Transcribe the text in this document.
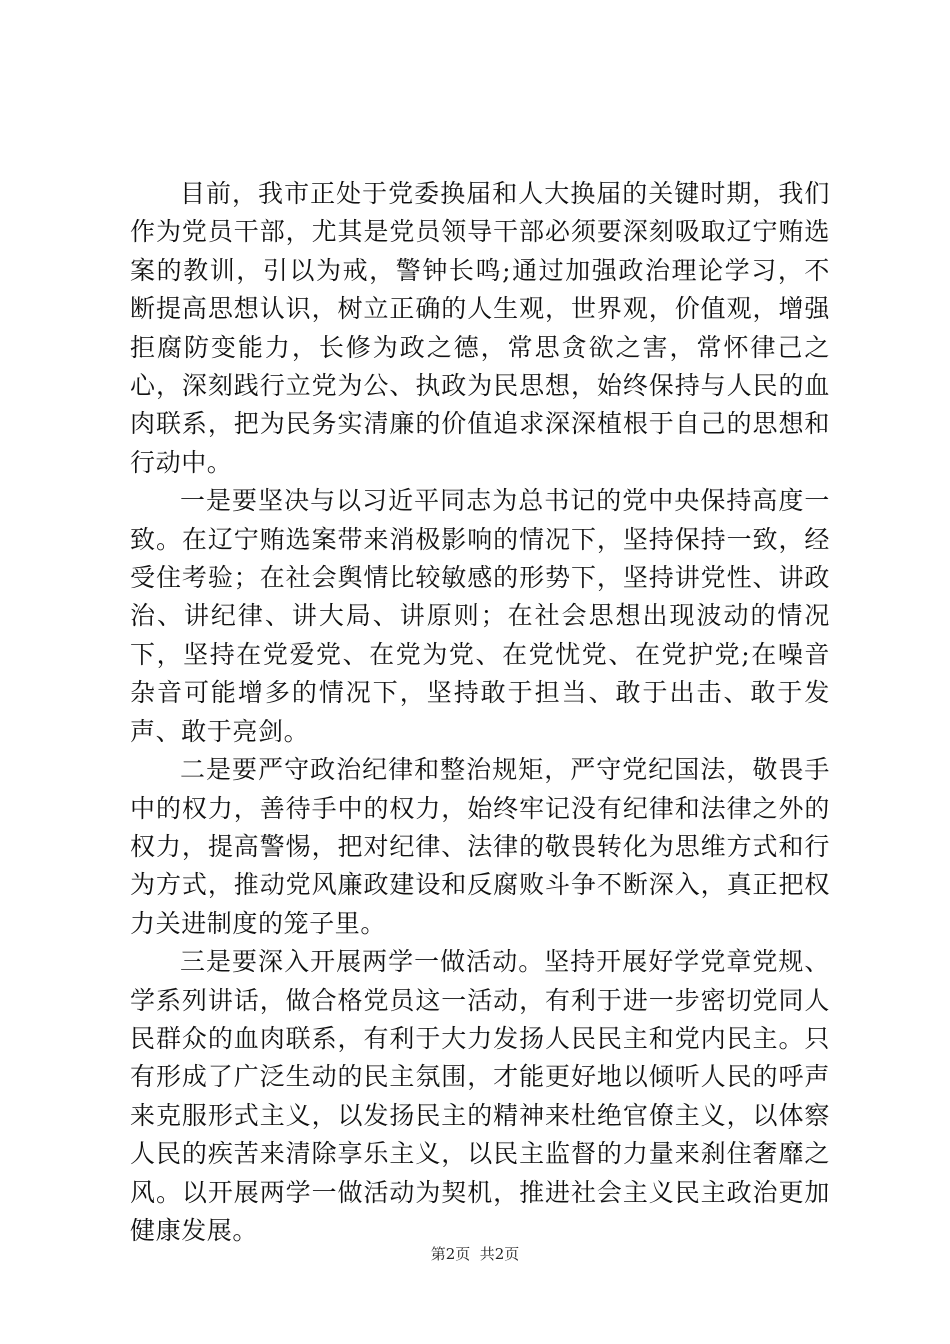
目前，我市正处于党委换届和人大换届的关键时期，我们作为党员干部，尤其是党员领导干部必须要深刻吸取辽宁贿选案的教训，引以为戒，警钟长鸣;通过加强政治理论学习，不断提高思想认识，树立正确的人生观，世界观，价值观，增强拒腐防变能力，长修为政之德，常思贪欲之害，常怀律己之心，深刻践行立党为公、执政为民思想，始终保持与人民的血肉联系，把为民务实清廉的价值追求深深植根于自己的思想和行动中。

一是要坚决与以习近平同志为总书记的党中央保持高度一致。在辽宁贿选案带来消极影响的情况下，坚持保持一致，经受住考验；在社会舆情比较敏感的形势下，坚持讲党性、讲政治、讲纪律、讲大局、讲原则；在社会思想出现波动的情况下，坚持在党爱党、在党为党、在党忧党、在党护党;在噪音杂音可能增多的情况下，坚持敢于担当、敢于出击、敢于发声、敢于亮剑。

二是要严守政治纪律和整治规矩，严守党纪国法，敬畏手中的权力，善待手中的权力，始终牢记没有纪律和法律之外的权力，提高警惕，把对纪律、法律的敬畏转化为思维方式和行为方式，推动党风廉政建设和反腐败斗争不断深入，真正把权力关进制度的笼子里。

三是要深入开展两学一做活动。坚持开展好学党章党规、学系列讲话，做合格党员这一活动，有利于进一步密切党同人民群众的血肉联系，有利于大力发扬人民民主和党内民主。只有形成了广泛生动的民主氛围，才能更好地以倾听人民的呼声来克服形式主义，以发扬民主的精神来杜绝官僚主义，以体察人民的疾苦来清除享乐主义，以民主监督的力量来刹住奢靡之风。以开展两学一做活动为契机，推进社会主义民主政治更加健康发展。

第2页  共2页
